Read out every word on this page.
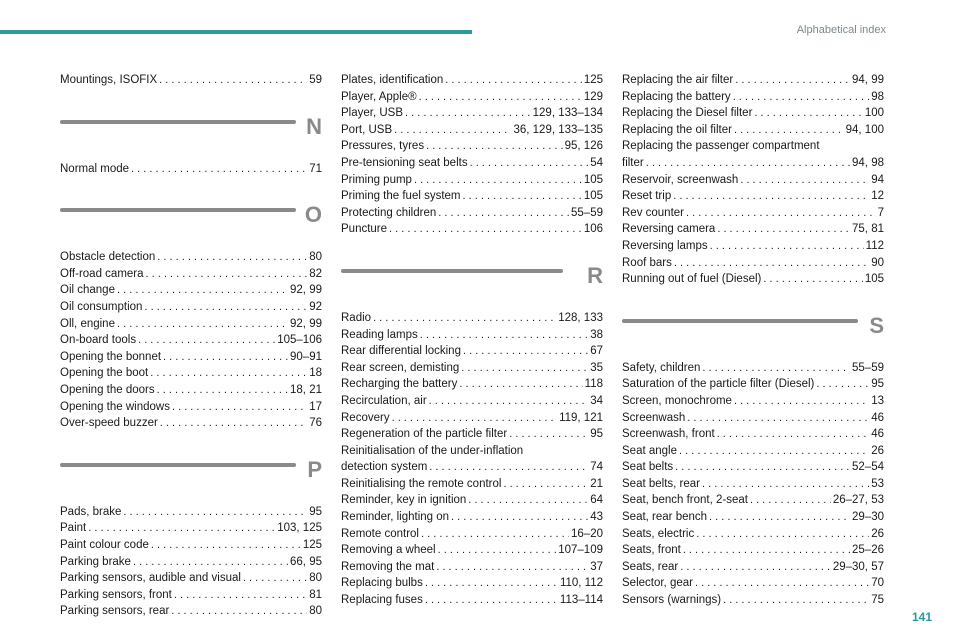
Alphabetical index
Mountings, ISOFIX . . .	59
N
Normal mode . . .	71
O
Obstacle detection . . .	80
Off-road camera . . .	82
Oil change . . .	92, 99
Oil consumption . . .	92
Oll, engine . . .	92, 99
On-board tools . . .	105–106
Opening the bonnet . . .	90–91
Opening the boot . . .	18
Opening the doors . . .	18, 21
Opening the windows . . .	17
Over-speed buzzer . . .	76
P
Pads, brake . . .	95
Paint . . .	103, 125
Paint colour code . . .	125
Parking brake . . .	66, 95
Parking sensors, audible and visual . . .	80
Parking sensors, front . . .	81
Parking sensors, rear . . .	80
Plates, identification . . .	125
Player, Apple® . . .	129
Player, USB . . .	129, 133–134
Port, USB . . .	36, 129, 133–135
Pressures, tyres . . .	95, 126
Pre-tensioning seat belts . . .	54
Priming pump . . .	105
Priming the fuel system . . .	105
Protecting children . . .	55–59
Puncture . . .	106
R
Radio . . .	128, 133
Reading lamps . . .	38
Rear differential locking . . .	67
Rear screen, demisting . . .	35
Recharging the battery . . .	118
Recirculation, air . . .	34
Recovery . . .	119, 121
Regeneration of the particle filter . . .	95
Reinitialisation of the under-inflation
detection system . . .	74
Reinitialising the remote control . . .	21
Reminder, key in ignition . . .	64
Reminder, lighting on . . .	43
Remote control . . .	16–20
Removing a wheel . . .	107–109
Removing the mat . . .	37
Replacing bulbs . . .	110, 112
Replacing fuses . . .	113–114
Replacing the air filter . . .	94, 99
Replacing the battery . . .	98
Replacing the Diesel filter . . .	100
Replacing the oil filter . . .	94, 100
Replacing the passenger compartment
filter . . .	94, 98
Reservoir, screenwash . . .	94
Reset trip . . .	12
Rev counter . . .	7
Reversing camera . . .	75, 81
Reversing lamps . . .	112
Roof bars . . .	90
Running out of fuel (Diesel) . . .	105
S
Safety, children . . .	55–59
Saturation of the particle filter (Diesel) . . .	95
Screen, monochrome . . .	13
Screenwash . . .	46
Screenwash, front . . .	46
Seat angle . . .	26
Seat belts . . .	52–54
Seat belts, rear . . .	53
Seat, bench front, 2-seat . . .	26–27, 53
Seat, rear bench . . .	29–30
Seats, electric . . .	26
Seats, front . . .	25–26
Seats, rear . . .	29–30, 57
Selector, gear . . .	70
Sensors (warnings) . . .	75
141
